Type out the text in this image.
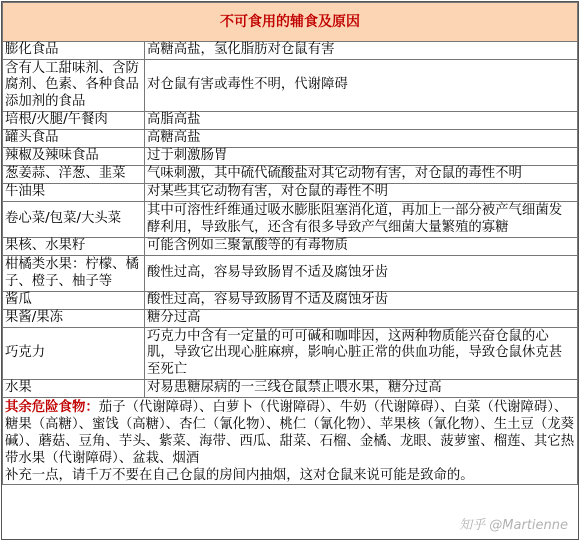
不可食用的辅食及原因	
膨化食品	高糖高盐，氢化脂肪对仓鼠有害
含有人工甜味剂、含防腐剂、色素、各种食品添加剂的食品	对仓鼠有害或毒性不明，代谢障碍
培根/火腿/午餐肉	高脂高盐
罐头食品	高糖高盐
辣椒及辣味食品	过于刺激肠胃
葱姜蒜、洋葱、韭菜	气味刺激，其中硫代硫酸盐对其它动物有害，对仓鼠的毒性不明
牛油果	对某些其它动物有害，对仓鼠的毒性不明
卷心菜/包菜/大头菜	其中可溶性纤维通过吸水膨胀阻塞消化道，再加上一部分被产气细菌发酵利用，导致胀气，还含有很多导致产气细菌大量繁殖的寡糖
果核、水果籽	可能含例如三聚氰酸等的有毒物质
柑橘类水果：柠檬、橘子、橙子、柚子等	酸性过高，容易导致肠胃不适及腐蚀牙齿
酱瓜	酸性过高，容易导致肠胃不适及腐蚀牙齿
果酱/果冻	糖分过高
巧克力	巧克力中含有一定量的可可碱和咖啡因，这两种物质能兴奋仓鼠的心肌，导致它出现心脏麻痹，影响心脏正常的供血功能，导致仓鼠休克甚至死亡
水果	对易患糖尿病的一三线仓鼠禁止喂水果，糖分过高
其余危险食物：茄子（代谢障碍）、白萝卜（代谢障碍）、牛奶（代谢障碍）、白菜（代谢障碍）、糖果（高糖）、蜜饯（高糖）、杏仁（氰化物）、桃仁（氰化物）、苹果核（氰化物）、生土豆（龙葵碱）、蘑菇、豆角、芋头、紫菜、海带、西瓜、甜菜、石榴、金橘、龙眼、菠萝蜜、榴莲、其它热带水果（代谢障碍）、盆栽、烟酒
补充一点，请千万不要在自己仓鼠的房间内抽烟，这对仓鼠来说可能是致命的。	
知乎 @Martienne
